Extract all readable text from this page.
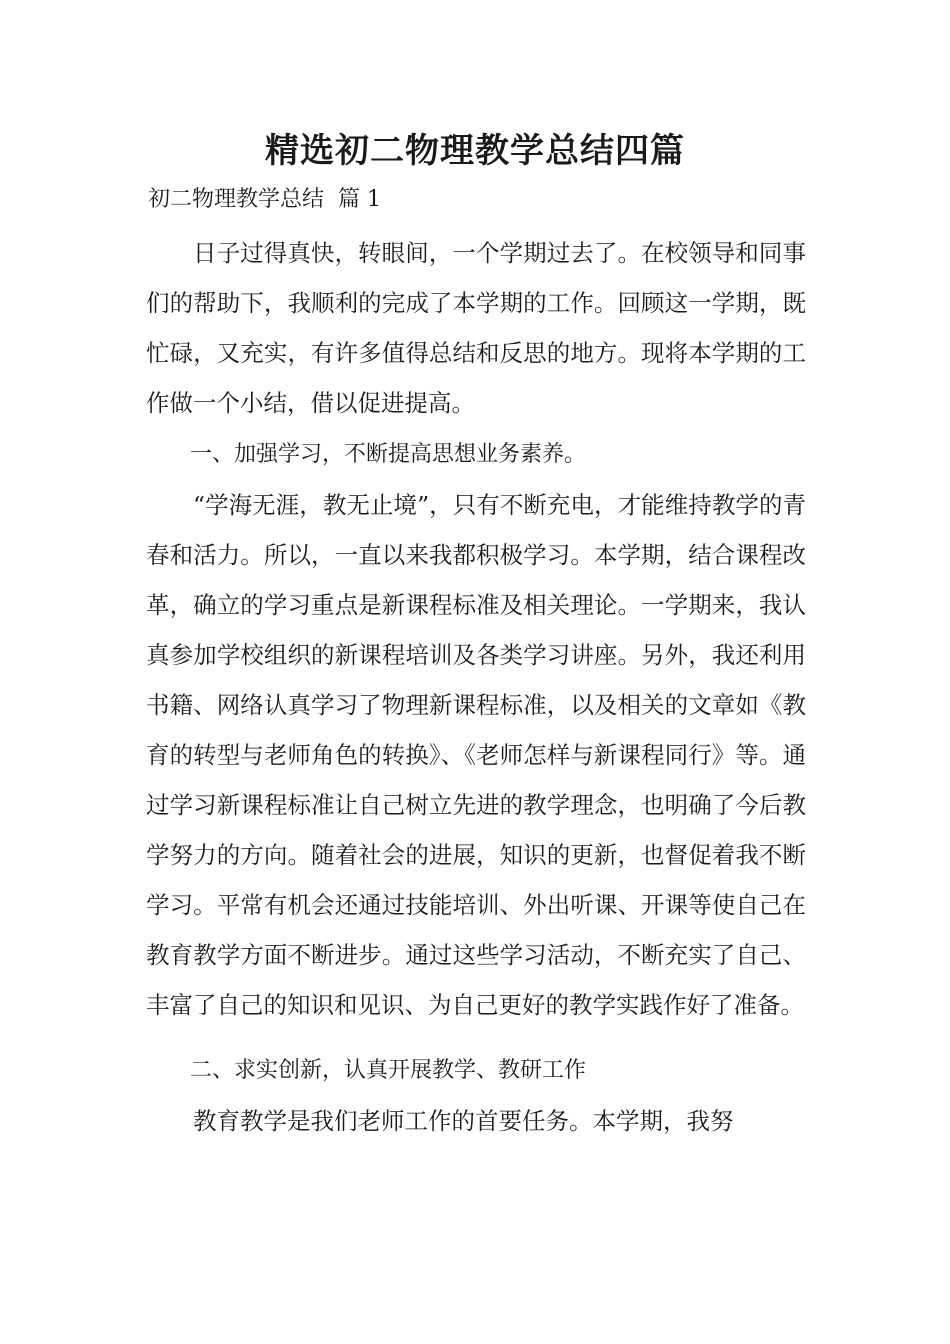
精选初二物理教学总结四篇
初二物理教学总结  篇 1

日子过得真快，转眼间，一个学期过去了。在校领导和同事们的帮助下，我顺利的完成了本学期的工作。回顾这一学期，既忙碌，又充实，有许多值得总结和反思的地方。现将本学期的工作做一个小结，借以促进提高。

一、加强学习，不断提高思想业务素养。

“学海无涯，教无止境”，只有不断充电，才能维持教学的青春和活力。所以，一直以来我都积极学习。本学期，结合课程改革，确立的学习重点是新课程标准及相关理论。一学期来，我认真参加学校组织的新课程培训及各类学习讲座。另外，我还利用书籍、网络认真学习了物理新课程标准，以及相关的文章如《教育的转型与老师角色的转换》、《老师怎样与新课程同行》等。通过学习新课程标准让自己树立先进的教学理念，也明确了今后教学努力的方向。随着社会的进展，知识的更新，也督促着我不断学习。平常有机会还通过技能培训、外出听课、开课等使自己在教育教学方面不断进步。通过这些学习活动，不断充实了自己、丰富了自己的知识和见识、为自己更好的教学实践作好了准备。

二、求实创新，认真开展教学、教研工作

教育教学是我们老师工作的首要任务。本学期，我努
